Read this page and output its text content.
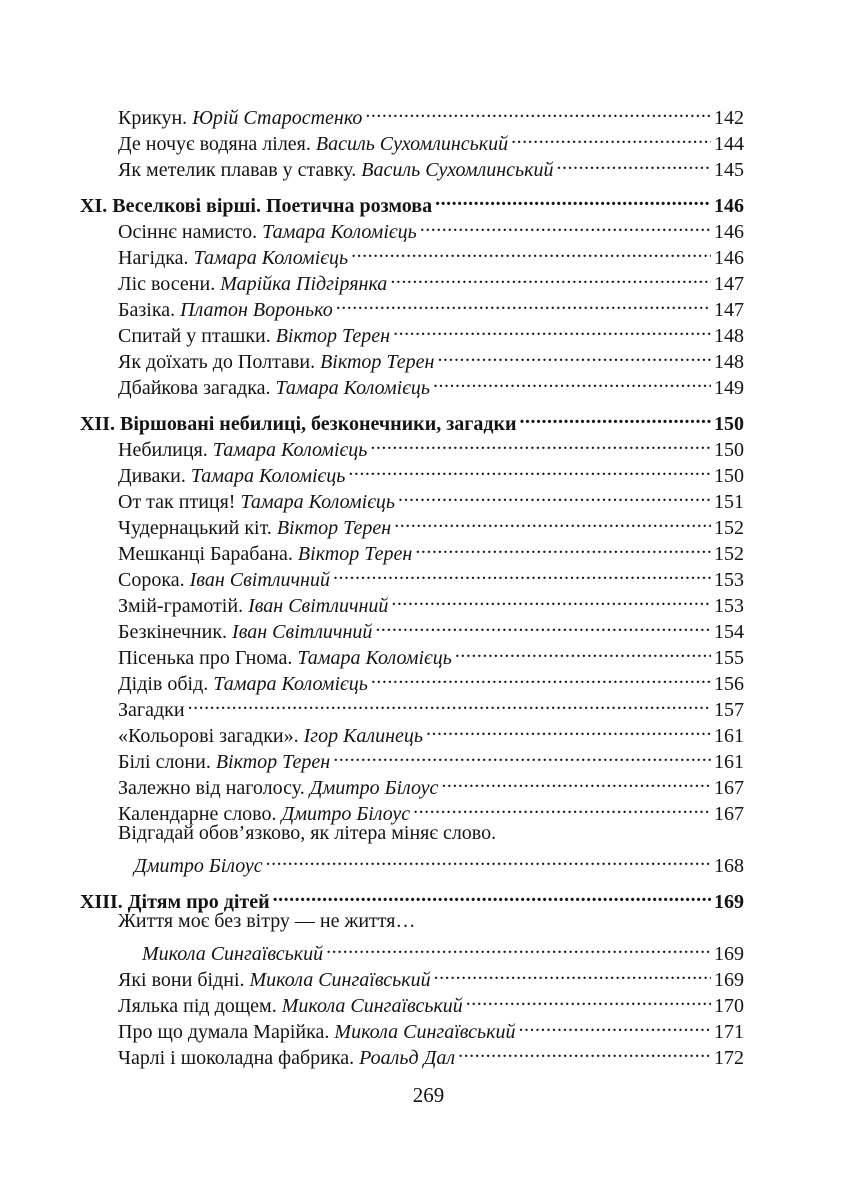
Крикун. Юрій Старостенко .....	142
Де ночує водяна лілея. Василь Сухомлинський .....	144
Як метелик плавав у ставку. Василь Сухомлинський .....	145
XI. Веселкові вірші. Поетична розмова .....	146
Осіннє намисто. Тамара Коломієць .....	146
Нагідка. Тамара Коломієць .....	146
Ліс восени. Марійка Підгірянка .....	147
Базіка. Платон Воронько .....	147
Спитай у пташки. Віктор Терен .....	148
Як доїхать до Полтави. Віктор Терен .....	148
Дбайкова загадка. Тамара Коломієць .....	149
XII. Віршовані небилиці, безконечники, загадки .....	150
Небилиця. Тамара Коломієць .....	150
Диваки. Тамара Коломієць .....	150
От так птиця! Тамара Коломієць .....	151
Чудернацький кіт. Віктор Терен .....	152
Мешканці Барабана. Віктор Терен .....	152
Сорока. Іван Світличний .....	153
Змій-грамотій. Іван Світличний .....	153
Безкінечник. Іван Світличний .....	154
Пісенька про Гнома. Тамара Коломієць .....	155
Дідів обід. Тамара Коломієць .....	156
Загадки .....	157
«Кольорові загадки». Ігор Калинець .....	161
Білі слони. Віктор Терен .....	161
Залежно від наголосу. Дмитро Білоус .....	167
Календарне слово. Дмитро Білоус .....	167
Відгадай обов’язково, як літера міняє слово.
Дмитро Білоус .....	168
XIII. Дітям про дітей .....	169
Життя моє без вітру — не життя…
Микола Сингаївський .....	169
Які вони бідні. Микола Сингаївський .....	169
Лялька під дощем. Микола Сингаївський .....	170
Про що думала Марійка. Микола Сингаївський .....	171
Чарлі і шоколадна фабрика. Роальд Дал .....	172
269
